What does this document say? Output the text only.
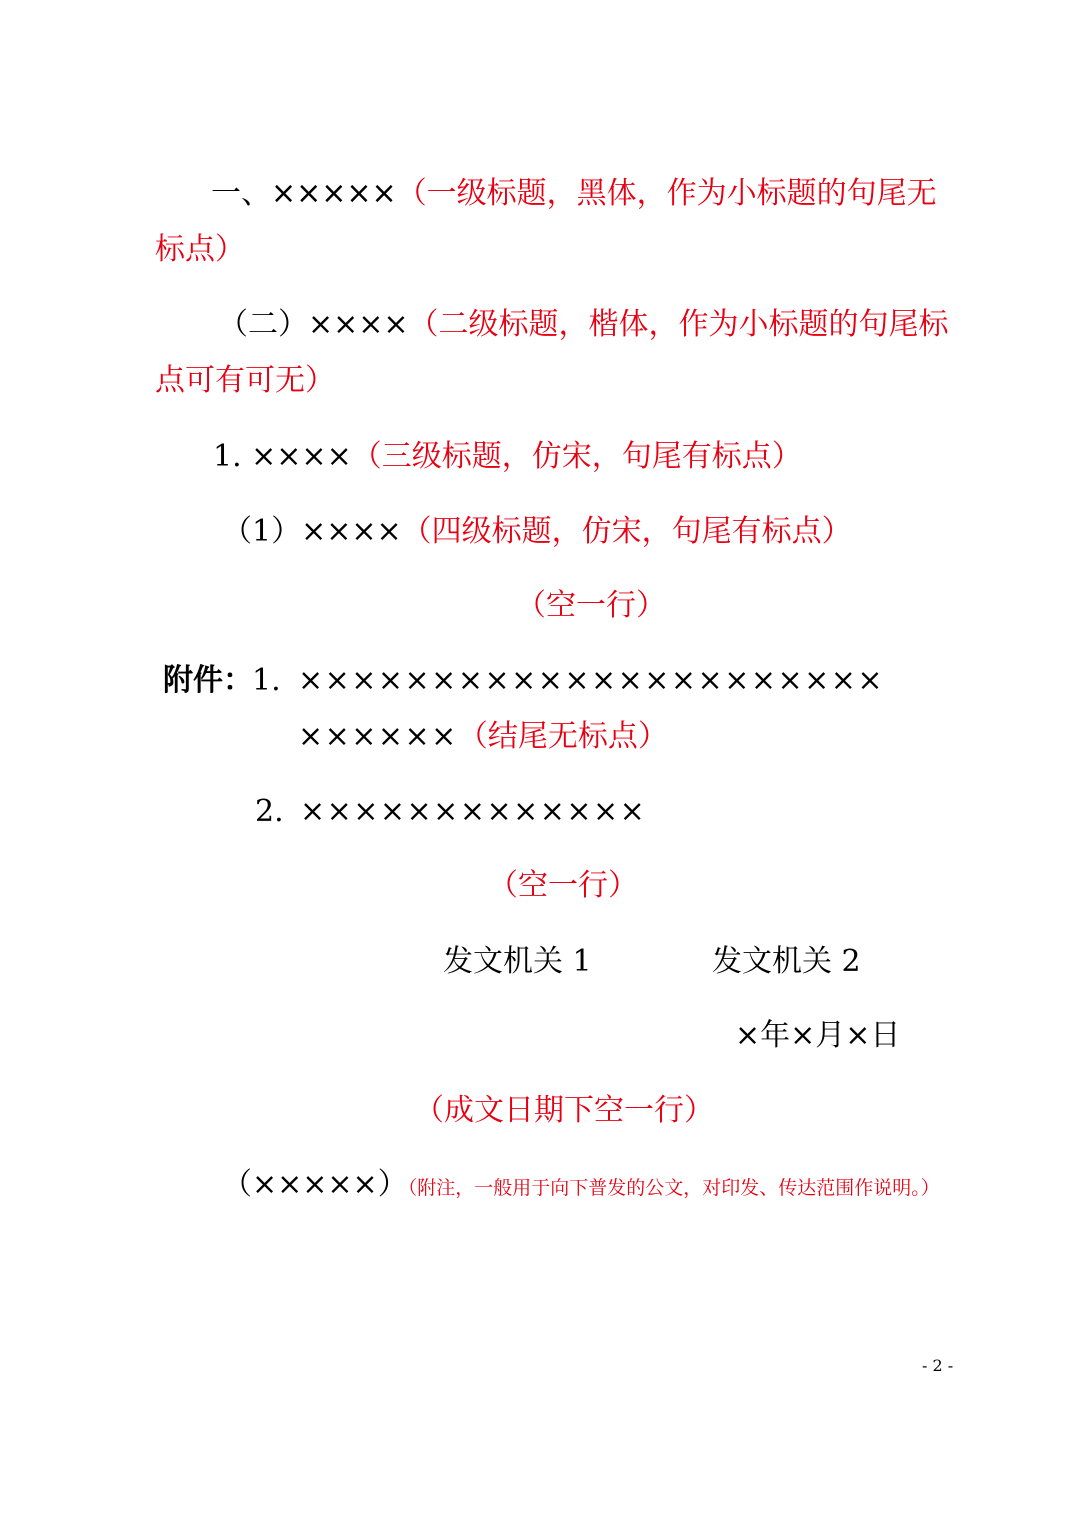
一、×××××（一级标题，黑体，作为小标题的句尾无
标点）
（二）××××（二级标题，楷体，作为小标题的句尾标
点可有可无）
1. ××××（三级标题，仿宋，句尾有标点）
（1）××××（四级标题，仿宋，句尾有标点）
（空一行）
附件： 1. ××××××××××××××××××××××
××××××（结尾无标点）
2. ×××××××××××××
（空一行）
发文机关 1	发文机关 2
×年×月×日
（成文日期下空一行）
（×××××）（附注，一般用于向下普发的公文，对印发、传达范围作说明。）
- 2 -
